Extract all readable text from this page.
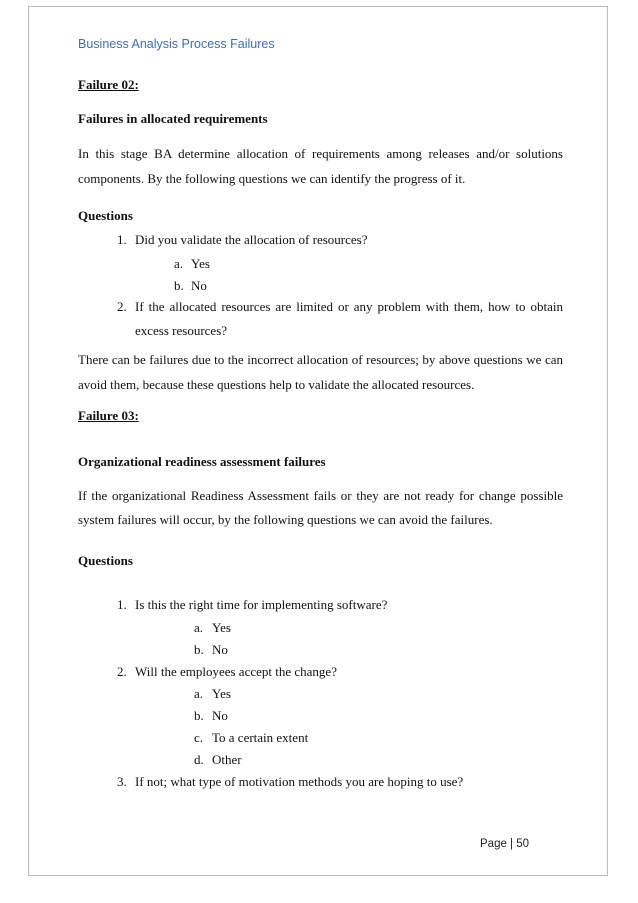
Business Analysis Process Failures
Failure 02:
Failures in allocated requirements
In this stage BA determine allocation of requirements among releases and/or solutions
components. By the following questions we can identify the progress of it.
Questions
1. Did you validate the allocation of resources?
a. Yes
b. No
2. If the allocated resources are limited or any problem with them, how to obtain
excess resources?
There can be failures due to the incorrect allocation of resources; by above questions we can
avoid them, because these questions help to validate the allocated resources.
Failure 03:
Organizational readiness assessment failures
If the organizational Readiness Assessment fails or they are not ready for change possible
system failures will occur, by the following questions we can avoid the failures.
Questions
1. Is this the right time for implementing software?
a. Yes
b. No
2. Will the employees accept the change?
a. Yes
b. No
c. To a certain extent
d. Other
3. If not; what type of motivation methods you are hoping to use?
Page | 50
